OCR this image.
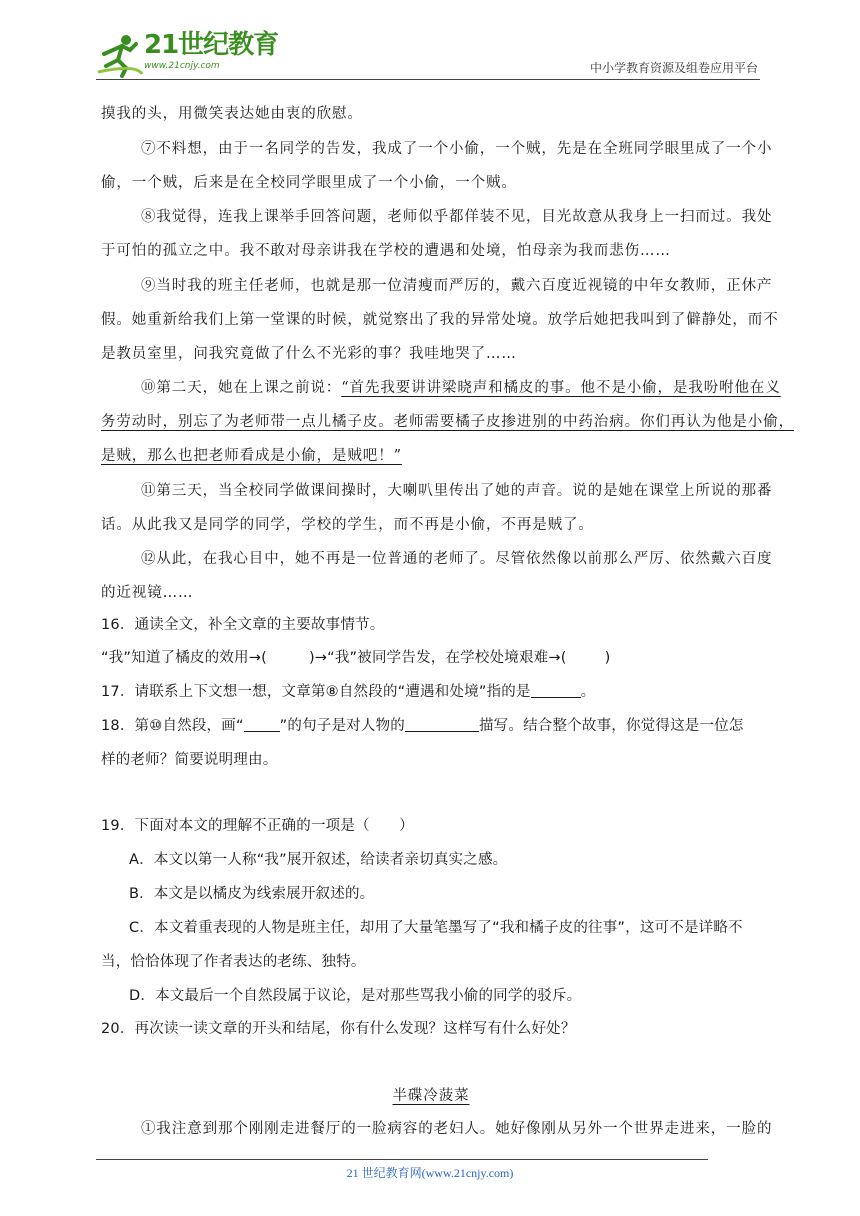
21世纪教育
www.21cnjy.com	中小学教育资源及组卷应用平台
摸我的头，用微笑表达她由衷的欣慰。
⑦不料想，由于一名同学的告发，我成了一个小偷，一个贼，先是在全班同学眼里成了一个小
偷，一个贼，后来是在全校同学眼里成了一个小偷，一个贼。
⑧我觉得，连我上课举手回答问题，老师似乎都佯装不见，目光故意从我身上一扫而过。我处
于可怕的孤立之中。我不敢对母亲讲我在学校的遭遇和处境，怕母亲为我而悲伤……
⑨当时我的班主任老师，也就是那一位清瘦而严厉的，戴六百度近视镜的中年女教师，正休产
假。她重新给我们上第一堂课的时候，就觉察出了我的异常处境。放学后她把我叫到了僻静处，而不
是教员室里，问我究竟做了什么不光彩的事？我哇地哭了……
⑩第二天，她在上课之前说：“首先我要讲讲梁晓声和橘皮的事。他不是小偷，是我吩咐他在义
务劳动时，别忘了为老师带一点儿橘子皮。老师需要橘子皮掺进别的中药治病。你们再认为他是小偷，
是贼，那么也把老师看成是小偷，是贼吧！”
⑪第三天，当全校同学做课间操时，大喇叭里传出了她的声音。说的是她在课堂上所说的那番
话。从此我又是同学的同学，学校的学生，而不再是小偷，不再是贼了。
⑫从此，在我心目中，她不再是一位普通的老师了。尽管依然像以前那么严厉、依然戴六百度
的近视镜……
16．通读全文，补全文章的主要故事情节。
“我”知道了橘皮的效用→(	)→“我”被同学告发，在学校处境艰难→(	)
17．请联系上下文想一想，文章第⑧自然段的“遭遇和处境”指的是	。
18．第⑩自然段，画“ ”的句子是对人物的	描写。结合整个故事，你觉得这是一位怎
样的老师？简要说明理由。
19．下面对本文的理解不正确的一项是（　　）
A．本文以第一人称“我”展开叙述，给读者亲切真实之感。
B．本文是以橘皮为线索展开叙述的。
C．本文着重表现的人物是班主任，却用了大量笔墨写了“我和橘子皮的往事”，这可不是详略不
当，恰恰体现了作者表达的老练、独特。
D．本文最后一个自然段属于议论，是对那些骂我小偷的同学的驳斥。
20．再次读一读文章的开头和结尾，你有什么发现？这样写有什么好处？
半碟冷菠菜
①我注意到那个刚刚走进餐厅的一脸病容的老妇人。她好像刚从另外一个世界走进来，一脸的
21 世纪教育网(www.21cnjy.com)
